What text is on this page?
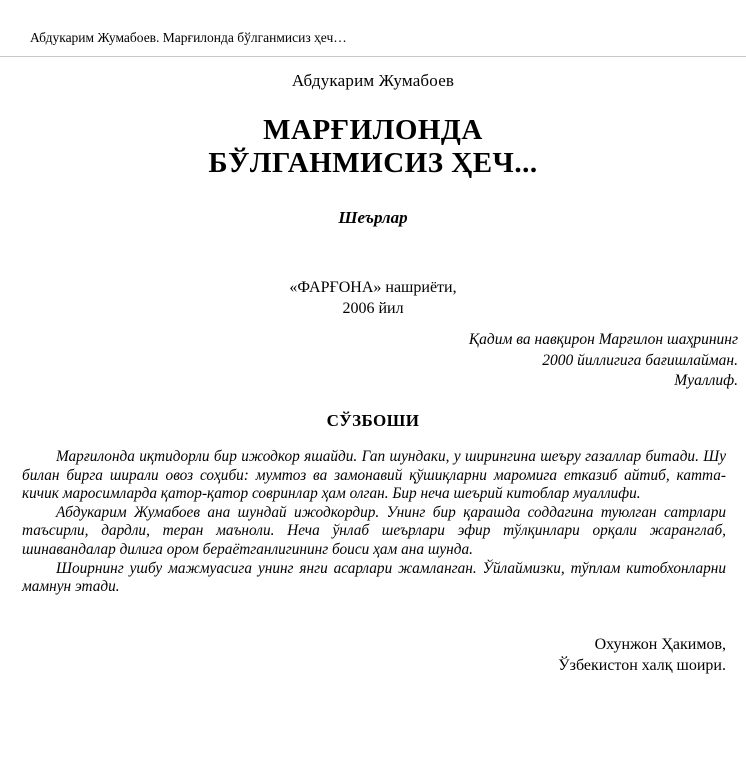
Абдукарим Жумабоев. Марғилонда бўлганмисиз ҳеч…
Абдукарим Жумабоев
МАРҒИЛОНДА
БЎЛГАНМИСИЗ ҲЕЧ...
Шеърлар
«ФАРҒОНА» нашриёти,
2006 йил
Қадим ва навқирон Марғилон шаҳрининг
2000 йиллигига бағишлайман.
Муаллиф.
СЎЗБОШИ

Марғилонда иқтидорли бир ижодкор яшайди. Гап шундаки, у ширингина шеъру газаллар битади. Шу билан бирга ширали овоз соҳиби: мумтоз ва замонавий қўшиқларни маромига етказиб айтиб, катта-кичик маросимларда қатор-қатор совринлар ҳам олган. Бир неча шеърий китоблар муаллифи.

Абдукарим Жумабоев ана шундай ижодкордир. Унинг бир қарашда соддагина туюлган сатрлари таъсирли, дардли, теран маъноли. Неча ўнлаб шеърлари эфир тўлқинлари орқали жаранглаб, шинавандалар дилига ором бераётганлигининг боиси ҳам ана шунда.

Шоирнинг ушбу мажмуасига унинг янги асарлари жамланган. Ўйлаймизки, тўплам китобхонларни мамнун этади.

Охунжон Ҳакимов,
Ўзбекистон халқ шоири.
